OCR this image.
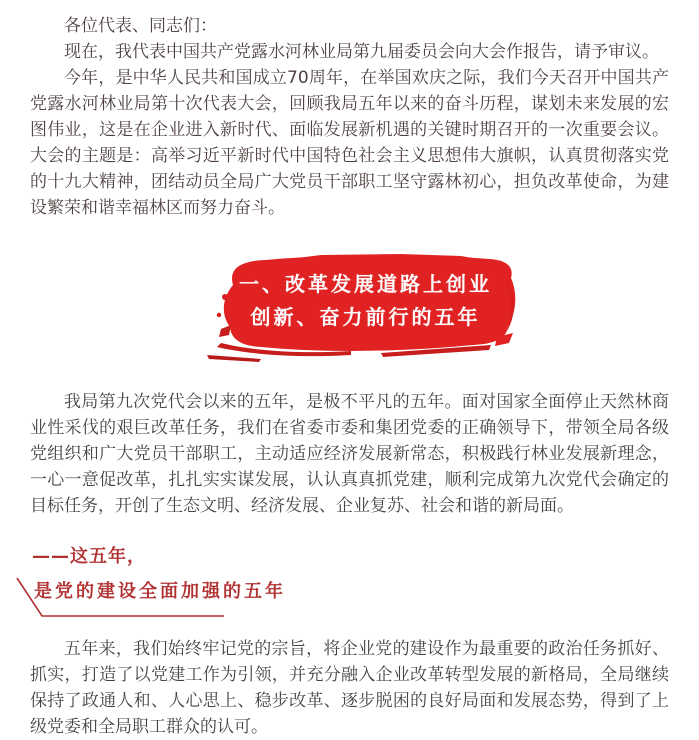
各位代表、同志们：

现在，我代表中国共产党露水河林业局第九届委员会向大会作报告，请予审议。

今年，是中华人民共和国成立70周年，在举国欢庆之际，我们今天召开中国共产党露水河林业局第十次代表大会，回顾我局五年以来的奋斗历程，谋划未来发展的宏图伟业，这是在企业进入新时代、面临发展新机遇的关键时期召开的一次重要会议。大会的主题是：高举习近平新时代中国特色社会主义思想伟大旗帜，认真贯彻落实党的十九大精神，团结动员全局广大党员干部职工坚守露林初心，担负改革使命，为建设繁荣和谐幸福林区而努力奋斗。

一、改革发展道路上创业
创新、奋力前行的五年

我局第九次党代会以来的五年，是极不平凡的五年。面对国家全面停止天然林商业性采伐的艰巨改革任务，我们在省委市委和集团党委的正确领导下，带领全局各级党组织和广大党员干部职工，主动适应经济发展新常态，积极践行林业发展新理念，一心一意促改革，扎扎实实谋发展，认认真真抓党建，顺利完成第九次党代会确定的目标任务，开创了生态文明、经济发展、企业复苏、社会和谐的新局面。

——这五年，
是党的建设全面加强的五年

五年来，我们始终牢记党的宗旨，将企业党的建设作为最重要的政治任务抓好、抓实，打造了以党建工作为引领，并充分融入企业改革转型发展的新格局，全局继续保持了政通人和、人心思上、稳步改革、逐步脱困的良好局面和发展态势，得到了上级党委和全局职工群众的认可。
